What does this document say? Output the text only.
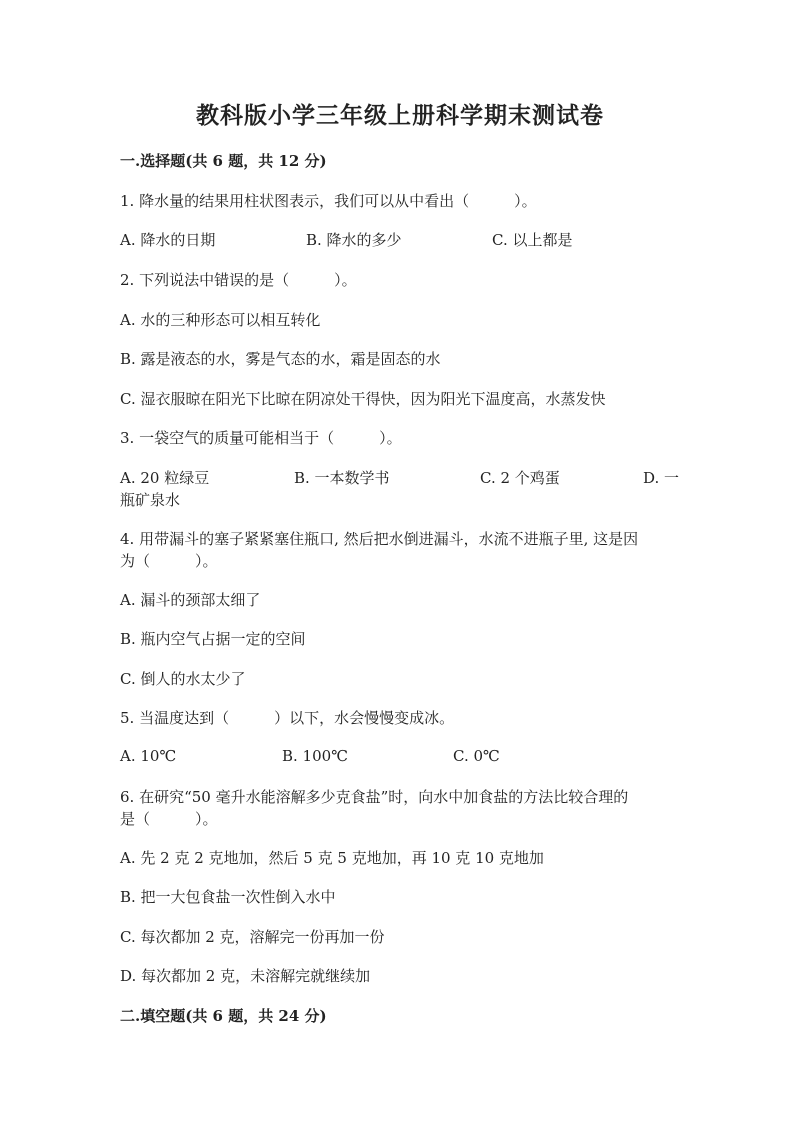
教科版小学三年级上册科学期末测试卷
一.选择题(共 6 题，共 12 分)
1. 降水量的结果用柱状图表示，我们可以从中看出（　　　）。
A. 降水的日期	B. 降水的多少	C. 以上都是
2. 下列说法中错误的是（　　　）。
A. 水的三种形态可以相互转化
B. 露是液态的水，雾是气态的水，霜是固态的水
C. 湿衣服晾在阳光下比晾在阴凉处干得快，因为阳光下温度高，水蒸发快
3. 一袋空气的质量可能相当于（　　　）。
A. 20 粒绿豆	B. 一本数学书	C. 2 个鸡蛋	D. 一
瓶矿泉水
4. 用带漏斗的塞子紧紧塞住瓶口, 然后把水倒进漏斗，水流不进瓶子里, 这是因
为（　　　）。
A. 漏斗的颈部太细了
B. 瓶内空气占据一定的空间
C. 倒人的水太少了
5. 当温度达到（　　　）以下，水会慢慢变成冰。
A. 10℃	B. 100℃	C. 0℃
6. 在研究“50 毫升水能溶解多少克食盐”时，向水中加食盐的方法比较合理的
是（　　　）。
A. 先 2 克 2 克地加，然后 5 克 5 克地加，再 10 克 10 克地加
B. 把一大包食盐一次性倒入水中
C. 每次都加 2 克，溶解完一份再加一份
D. 每次都加 2 克，未溶解完就继续加
二.填空题(共 6 题，共 24 分)
